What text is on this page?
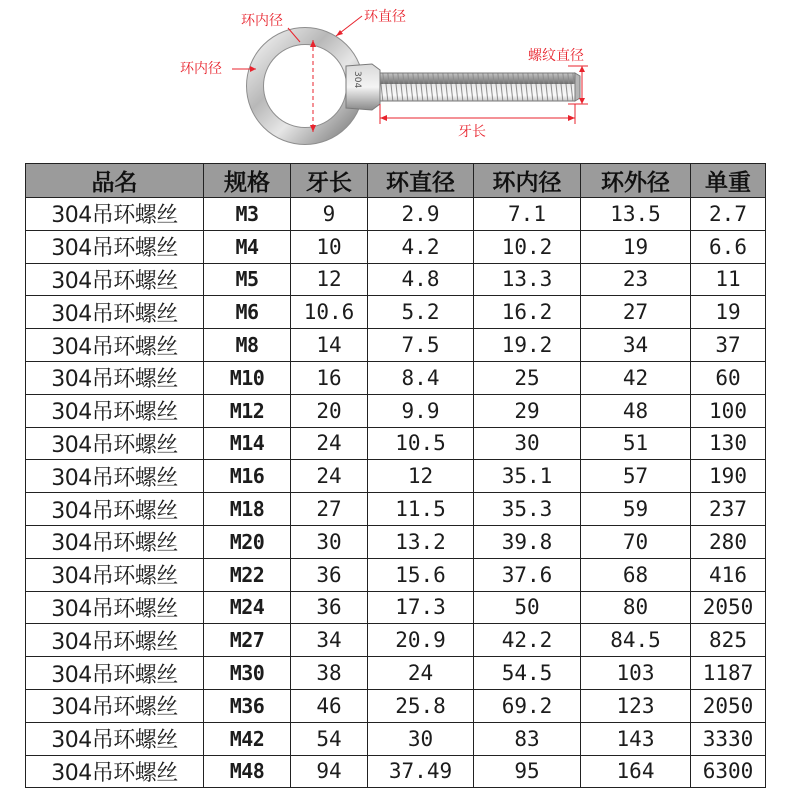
304
环内径	环直径
环内径
螺纹直径
牙长
品名	规格	牙长	环直径	环内径	环外径	单重
304吊环螺丝	M3	9	2.9	7.1	13.5	2.7
304吊环螺丝	M4	10	4.2	10.2	19	6.6
304吊环螺丝	M5	12	4.8	13.3	23	11
304吊环螺丝	M6	10.6	5.2	16.2	27	19
304吊环螺丝	M8	14	7.5	19.2	34	37
304吊环螺丝	M10	16	8.4	25	42	60
304吊环螺丝	M12	20	9.9	29	48	100
304吊环螺丝	M14	24	10.5	30	51	130
304吊环螺丝	M16	24	12	35.1	57	190
304吊环螺丝	M18	27	11.5	35.3	59	237
304吊环螺丝	M20	30	13.2	39.8	70	280
304吊环螺丝	M22	36	15.6	37.6	68	416
304吊环螺丝	M24	36	17.3	50	80	2050
304吊环螺丝	M27	34	20.9	42.2	84.5	825
304吊环螺丝	M30	38	24	54.5	103	1187
304吊环螺丝	M36	46	25.8	69.2	123	2050
304吊环螺丝	M42	54	30	83	143	3330
304吊环螺丝	M48	94	37.49	95	164	6300
